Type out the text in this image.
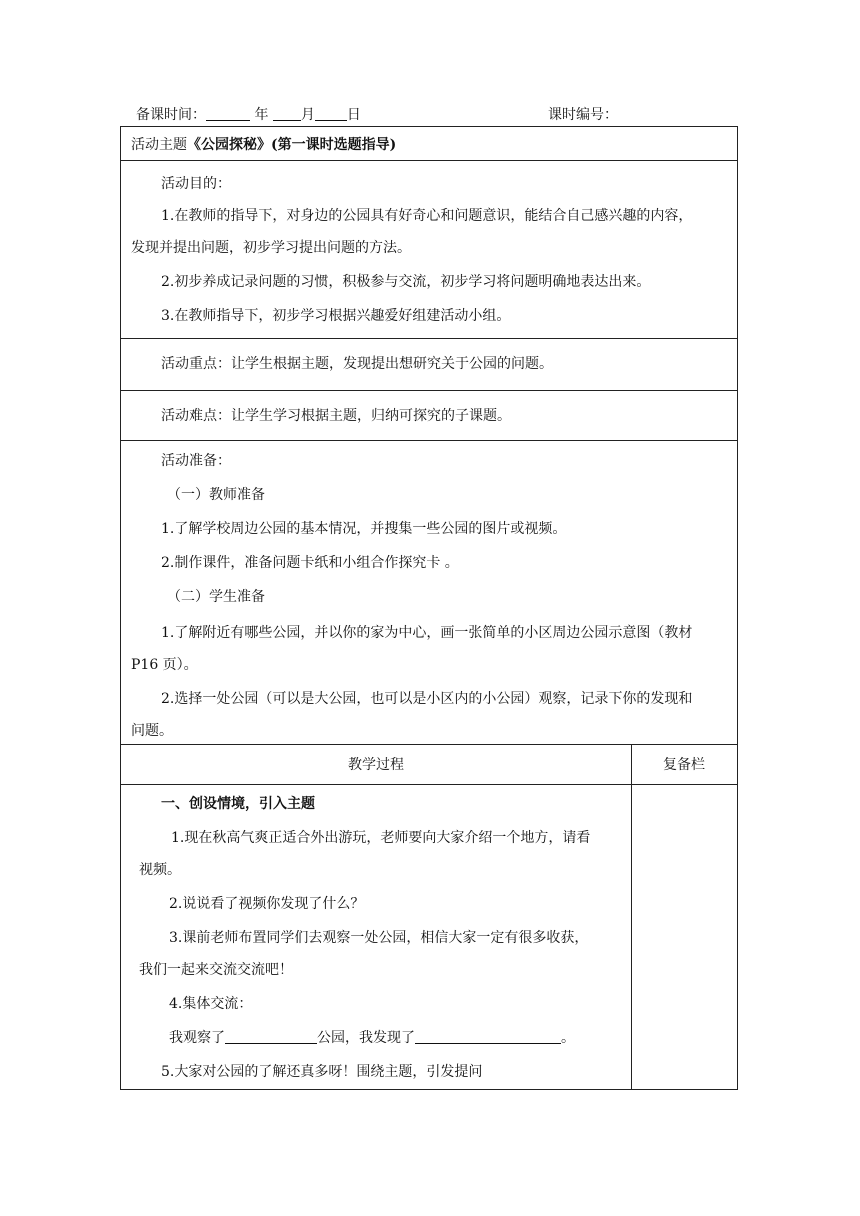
备课时间：	年 月 日	课时编号：
活动主题《公园探秘》(第一课时选题指导)
活动目的：
1.在教师的指导下，对身边的公园具有好奇心和问题意识，能结合自己感兴趣的内容，
发现并提出问题，初步学习提出问题的方法。
2.初步养成记录问题的习惯，积极参与交流，初步学习将问题明确地表达出来。
3.在教师指导下，初步学习根据兴趣爱好组建活动小组。
活动重点：让学生根据主题，发现提出想研究关于公园的问题。
活动难点：让学生学习根据主题，归纳可探究的子课题。
活动准备：
（一）教师准备
1.了解学校周边公园的基本情况，并搜集一些公园的图片或视频。
2.制作课件，准备问题卡纸和小组合作探究卡 。
（二）学生准备
1.了解附近有哪些公园，并以你的家为中心，画一张简单的小区周边公园示意图（教材
P16 页）。
2.选择一处公园（可以是大公园，也可以是小区内的小公园）观察，记录下你的发现和
问题。
教学过程	复备栏
一、创设情境，引入主题
1.现在秋高气爽正适合外出游玩，老师要向大家介绍一个地方，请看
视频。
2.说说看了视频你发现了什么？
3.课前老师布置同学们去观察一处公园，相信大家一定有很多收获，
我们一起来交流交流吧！
4.集体交流：
我观察了	公园，我发现了	。
5.大家对公园的了解还真多呀！围绕主题，引发提问
